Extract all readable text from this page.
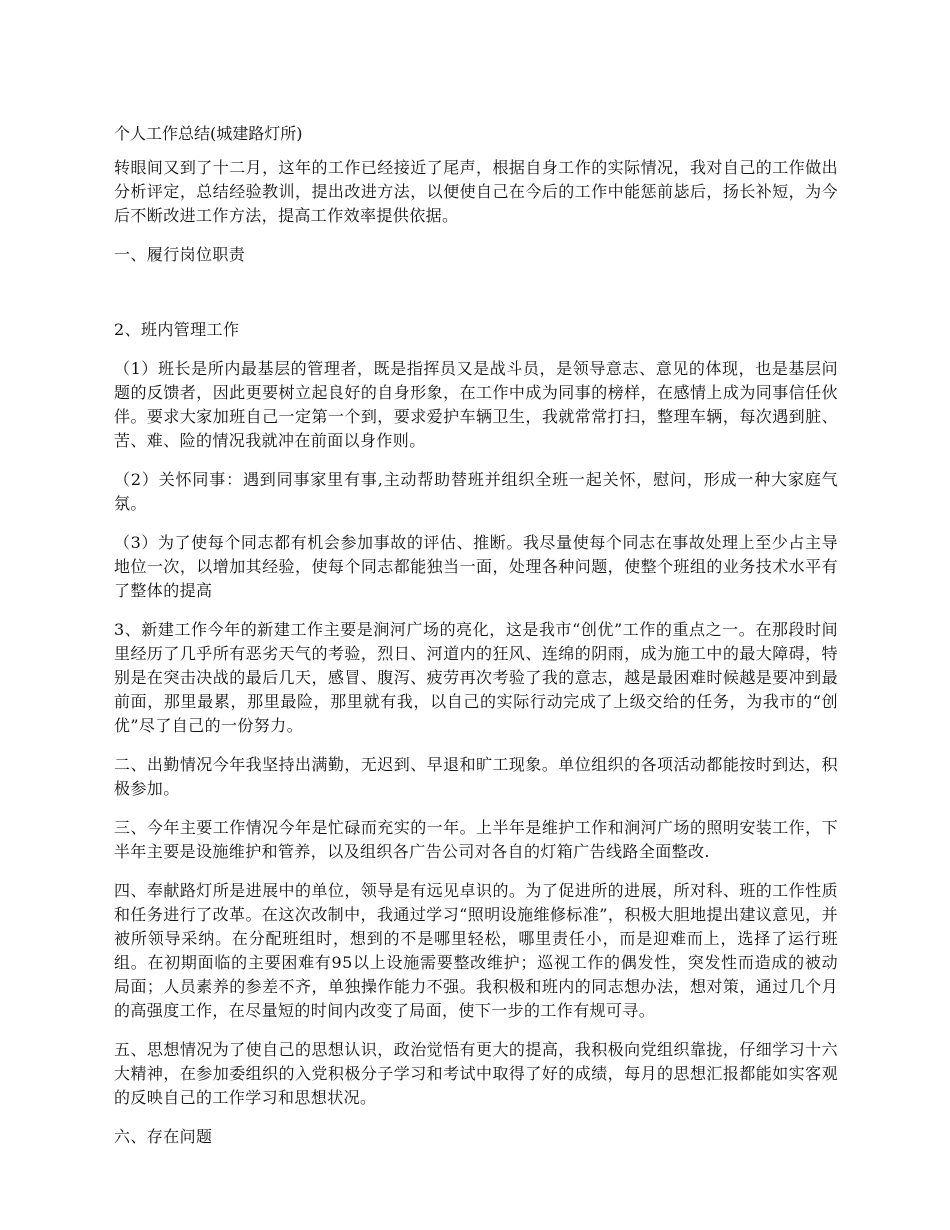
个人工作总结(城建路灯所)

转眼间又到了十二月，这年的工作已经接近了尾声，根据自身工作的实际情况，我对自己的工作做出分析评定，总结经验教训，提出改进方法，以便使自己在今后的工作中能惩前毖后，扬长补短，为今后不断改进工作方法，提高工作效率提供依据。

一、履行岗位职责

2、班内管理工作

（1）班长是所内最基层的管理者，既是指挥员又是战斗员，是领导意志、意见的体现，也是基层问题的反馈者，因此更要树立起良好的自身形象，在工作中成为同事的榜样，在感情上成为同事信任伙伴。要求大家加班自己一定第一个到，要求爱护车辆卫生，我就常常打扫，整理车辆，每次遇到脏、苦、难、险的情况我就冲在前面以身作则。

（2）关怀同事：遇到同事家里有事,主动帮助替班并组织全班一起关怀，慰问，形成一种大家庭气氛。

（3）为了使每个同志都有机会参加事故的评估、推断。我尽量使每个同志在事故处理上至少占主导地位一次，以增加其经验，使每个同志都能独当一面，处理各种问题，使整个班组的业务技术水平有了整体的提高

3、新建工作今年的新建工作主要是涧河广场的亮化，这是我市“创优”工作的重点之一。在那段时间里经历了几乎所有恶劣天气的考验，烈日、河道内的狂风、连绵的阴雨，成为施工中的最大障碍，特别是在突击决战的最后几天，感冒、腹泻、疲劳再次考验了我的意志，越是最困难时候越是要冲到最前面，那里最累，那里最险，那里就有我，以自己的实际行动完成了上级交给的任务，为我市的“创优”尽了自己的一份努力。

二、出勤情况今年我坚持出满勤，无迟到、早退和旷工现象。单位组织的各项活动都能按时到达，积极参加。

三、今年主要工作情况今年是忙碌而充实的一年。上半年是维护工作和涧河广场的照明安装工作，下半年主要是设施维护和管养，以及组织各广告公司对各自的灯箱广告线路全面整改.

四、奉献路灯所是进展中的单位，领导是有远见卓识的。为了促进所的进展，所对科、班的工作性质和任务进行了改革。在这次改制中，我通过学习“照明设施维修标准”，积极大胆地提出建议意见，并被所领导采纳。在分配班组时，想到的不是哪里轻松，哪里责任小，而是迎难而上，选择了运行班组。在初期面临的主要困难有95以上设施需要整改维护；巡视工作的偶发性，突发性而造成的被动局面；人员素养的参差不齐，单独操作能力不强。我积极和班内的同志想办法，想对策，通过几个月的高强度工作，在尽量短的时间内改变了局面，使下一步的工作有规可寻。

五、思想情况为了使自己的思想认识，政治觉悟有更大的提高，我积极向党组织靠拢，仔细学习十六大精神，在参加委组织的入党积极分子学习和考试中取得了好的成绩，每月的思想汇报都能如实客观的反映自己的工作学习和思想状况。

六、存在问题
